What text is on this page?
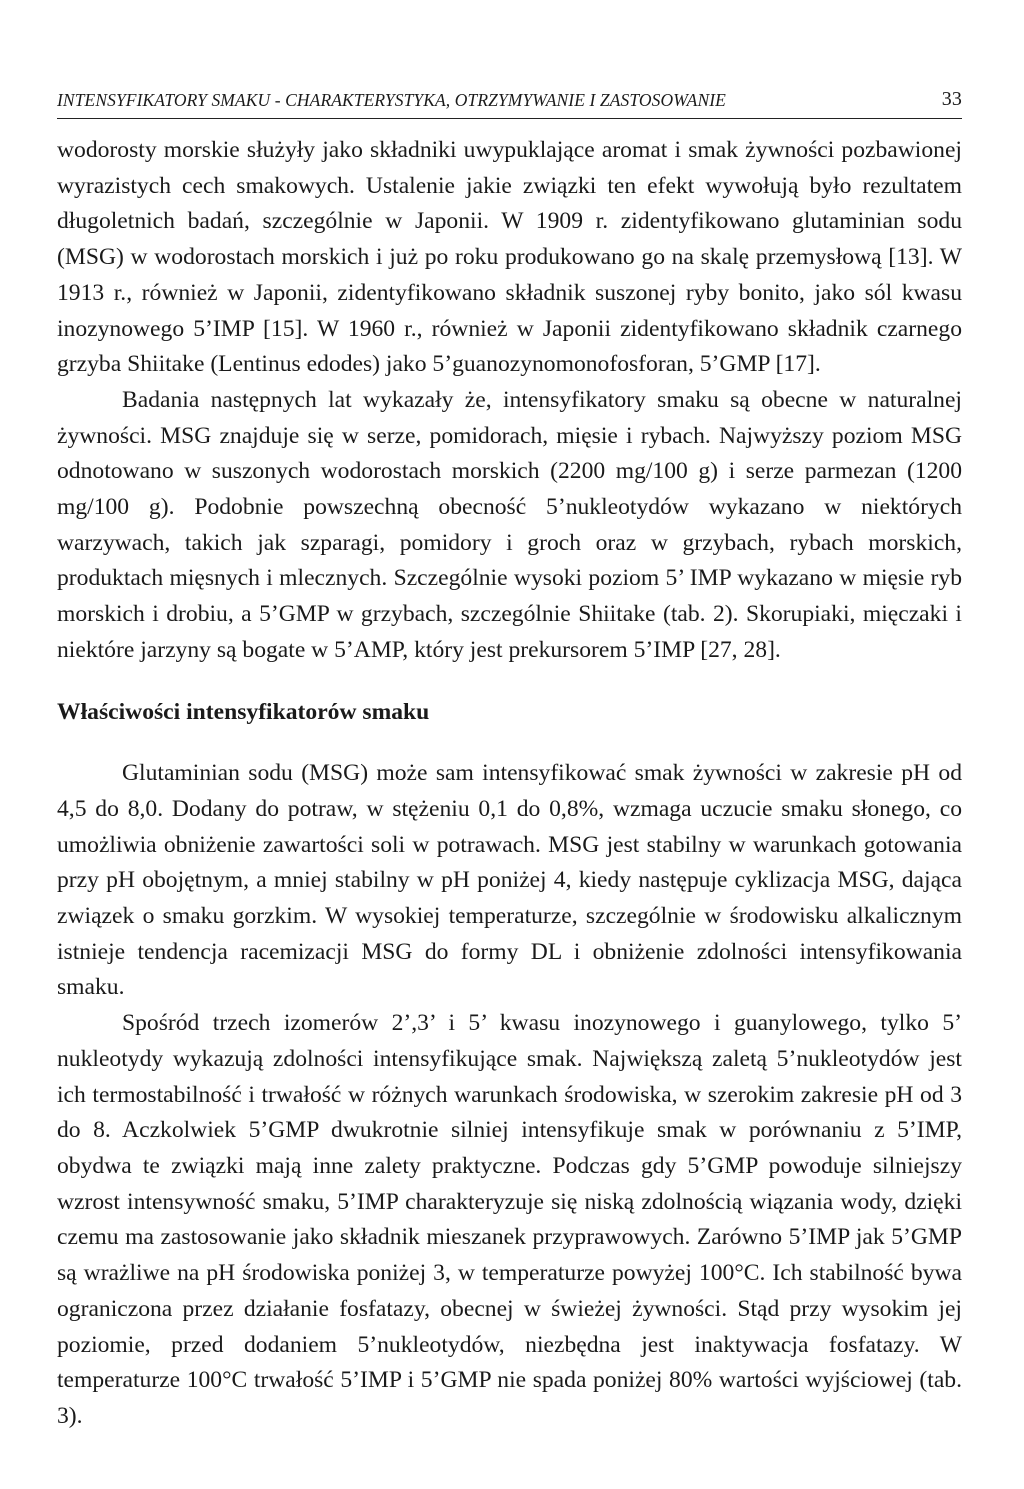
INTENSYFIKATORY SMAKU - CHARAKTERYSTYKA, OTRZYMYWANIE I ZASTOSOWANIE	33

wodorosty morskie służyły jako składniki uwypuklające aromat i smak żywności pozbawionej wyrazistych cech smakowych. Ustalenie jakie związki ten efekt wywołują było rezultatem długoletnich badań, szczególnie w Japonii. W 1909 r. zidentyfikowano glutaminian sodu (MSG) w wodorostach morskich i już po roku produkowano go na skalę przemysłową [13]. W 1913 r., również w Japonii, zidentyfikowano składnik suszonej ryby bonito, jako sól kwasu inozynowego 5’IMP [15]. W 1960 r., również w Japonii zidentyfikowano składnik czarnego grzyba Shiitake (Lentinus edodes) jako 5’guanozynomonofosforan, 5’GMP [17].

Badania następnych lat wykazały że, intensyfikatory smaku są obecne w naturalnej żywności. MSG znajduje się w serze, pomidorach, mięsie i rybach. Najwyższy poziom MSG odnotowano w suszonych wodorostach morskich (2200 mg/100 g) i serze parmezan (1200 mg/100 g). Podobnie powszechną obecność 5’nukleotydów wykazano w niektórych warzywach, takich jak szparagi, pomidory i groch oraz w grzybach, rybach morskich, produktach mięsnych i mlecznych. Szczególnie wysoki poziom 5’ IMP wykazano w mięsie ryb morskich i drobiu, a 5’GMP w grzybach, szczególnie Shiitake (tab. 2). Skorupiaki, mięczaki i niektóre jarzyny są bogate w 5’AMP, który jest prekursorem 5’IMP [27, 28].

Właściwości intensyfikatorów smaku

Glutaminian sodu (MSG) może sam intensyfikować smak żywności w zakresie pH od 4,5 do 8,0. Dodany do potraw, w stężeniu 0,1 do 0,8%, wzmaga uczucie smaku słonego, co umożliwia obniżenie zawartości soli w potrawach. MSG jest stabilny w warunkach gotowania przy pH obojętnym, a mniej stabilny w pH poniżej 4, kiedy następuje cyklizacja MSG, dająca związek o smaku gorzkim. W wysokiej temperaturze, szczególnie w środowisku alkalicznym istnieje tendencja racemizacji MSG do formy DL i obniżenie zdolności intensyfikowania smaku.

Spośród trzech izomerów 2’,3’ i 5’ kwasu inozynowego i guanylowego, tylko 5’ nukleotydy wykazują zdolności intensyfikujące smak. Największą zaletą 5’nukleotydów jest ich termostabilność i trwałość w różnych warunkach środowiska, w szerokim zakresie pH od 3 do 8. Aczkolwiek 5’GMP dwukrotnie silniej intensyfikuje smak w porównaniu z 5’IMP, obydwa te związki mają inne zalety praktyczne. Podczas gdy 5’GMP powoduje silniejszy wzrost intensywność smaku, 5’IMP charakteryzuje się niską zdolnością wiązania wody, dzięki czemu ma zastosowanie jako składnik mieszanek przyprawowych. Zarówno 5’IMP jak 5’GMP są wrażliwe na pH środowiska poniżej 3, w temperaturze powyżej 100°C. Ich stabilność bywa ograniczona przez działanie fosfatazy, obecnej w świeżej żywności. Stąd przy wysokim jej poziomie, przed dodaniem 5’nukleotydów, niezbędna jest inaktywacja fosfatazy. W temperaturze 100°C trwałość 5’IMP i 5’GMP nie spada poniżej 80% wartości wyjściowej (tab. 3).
